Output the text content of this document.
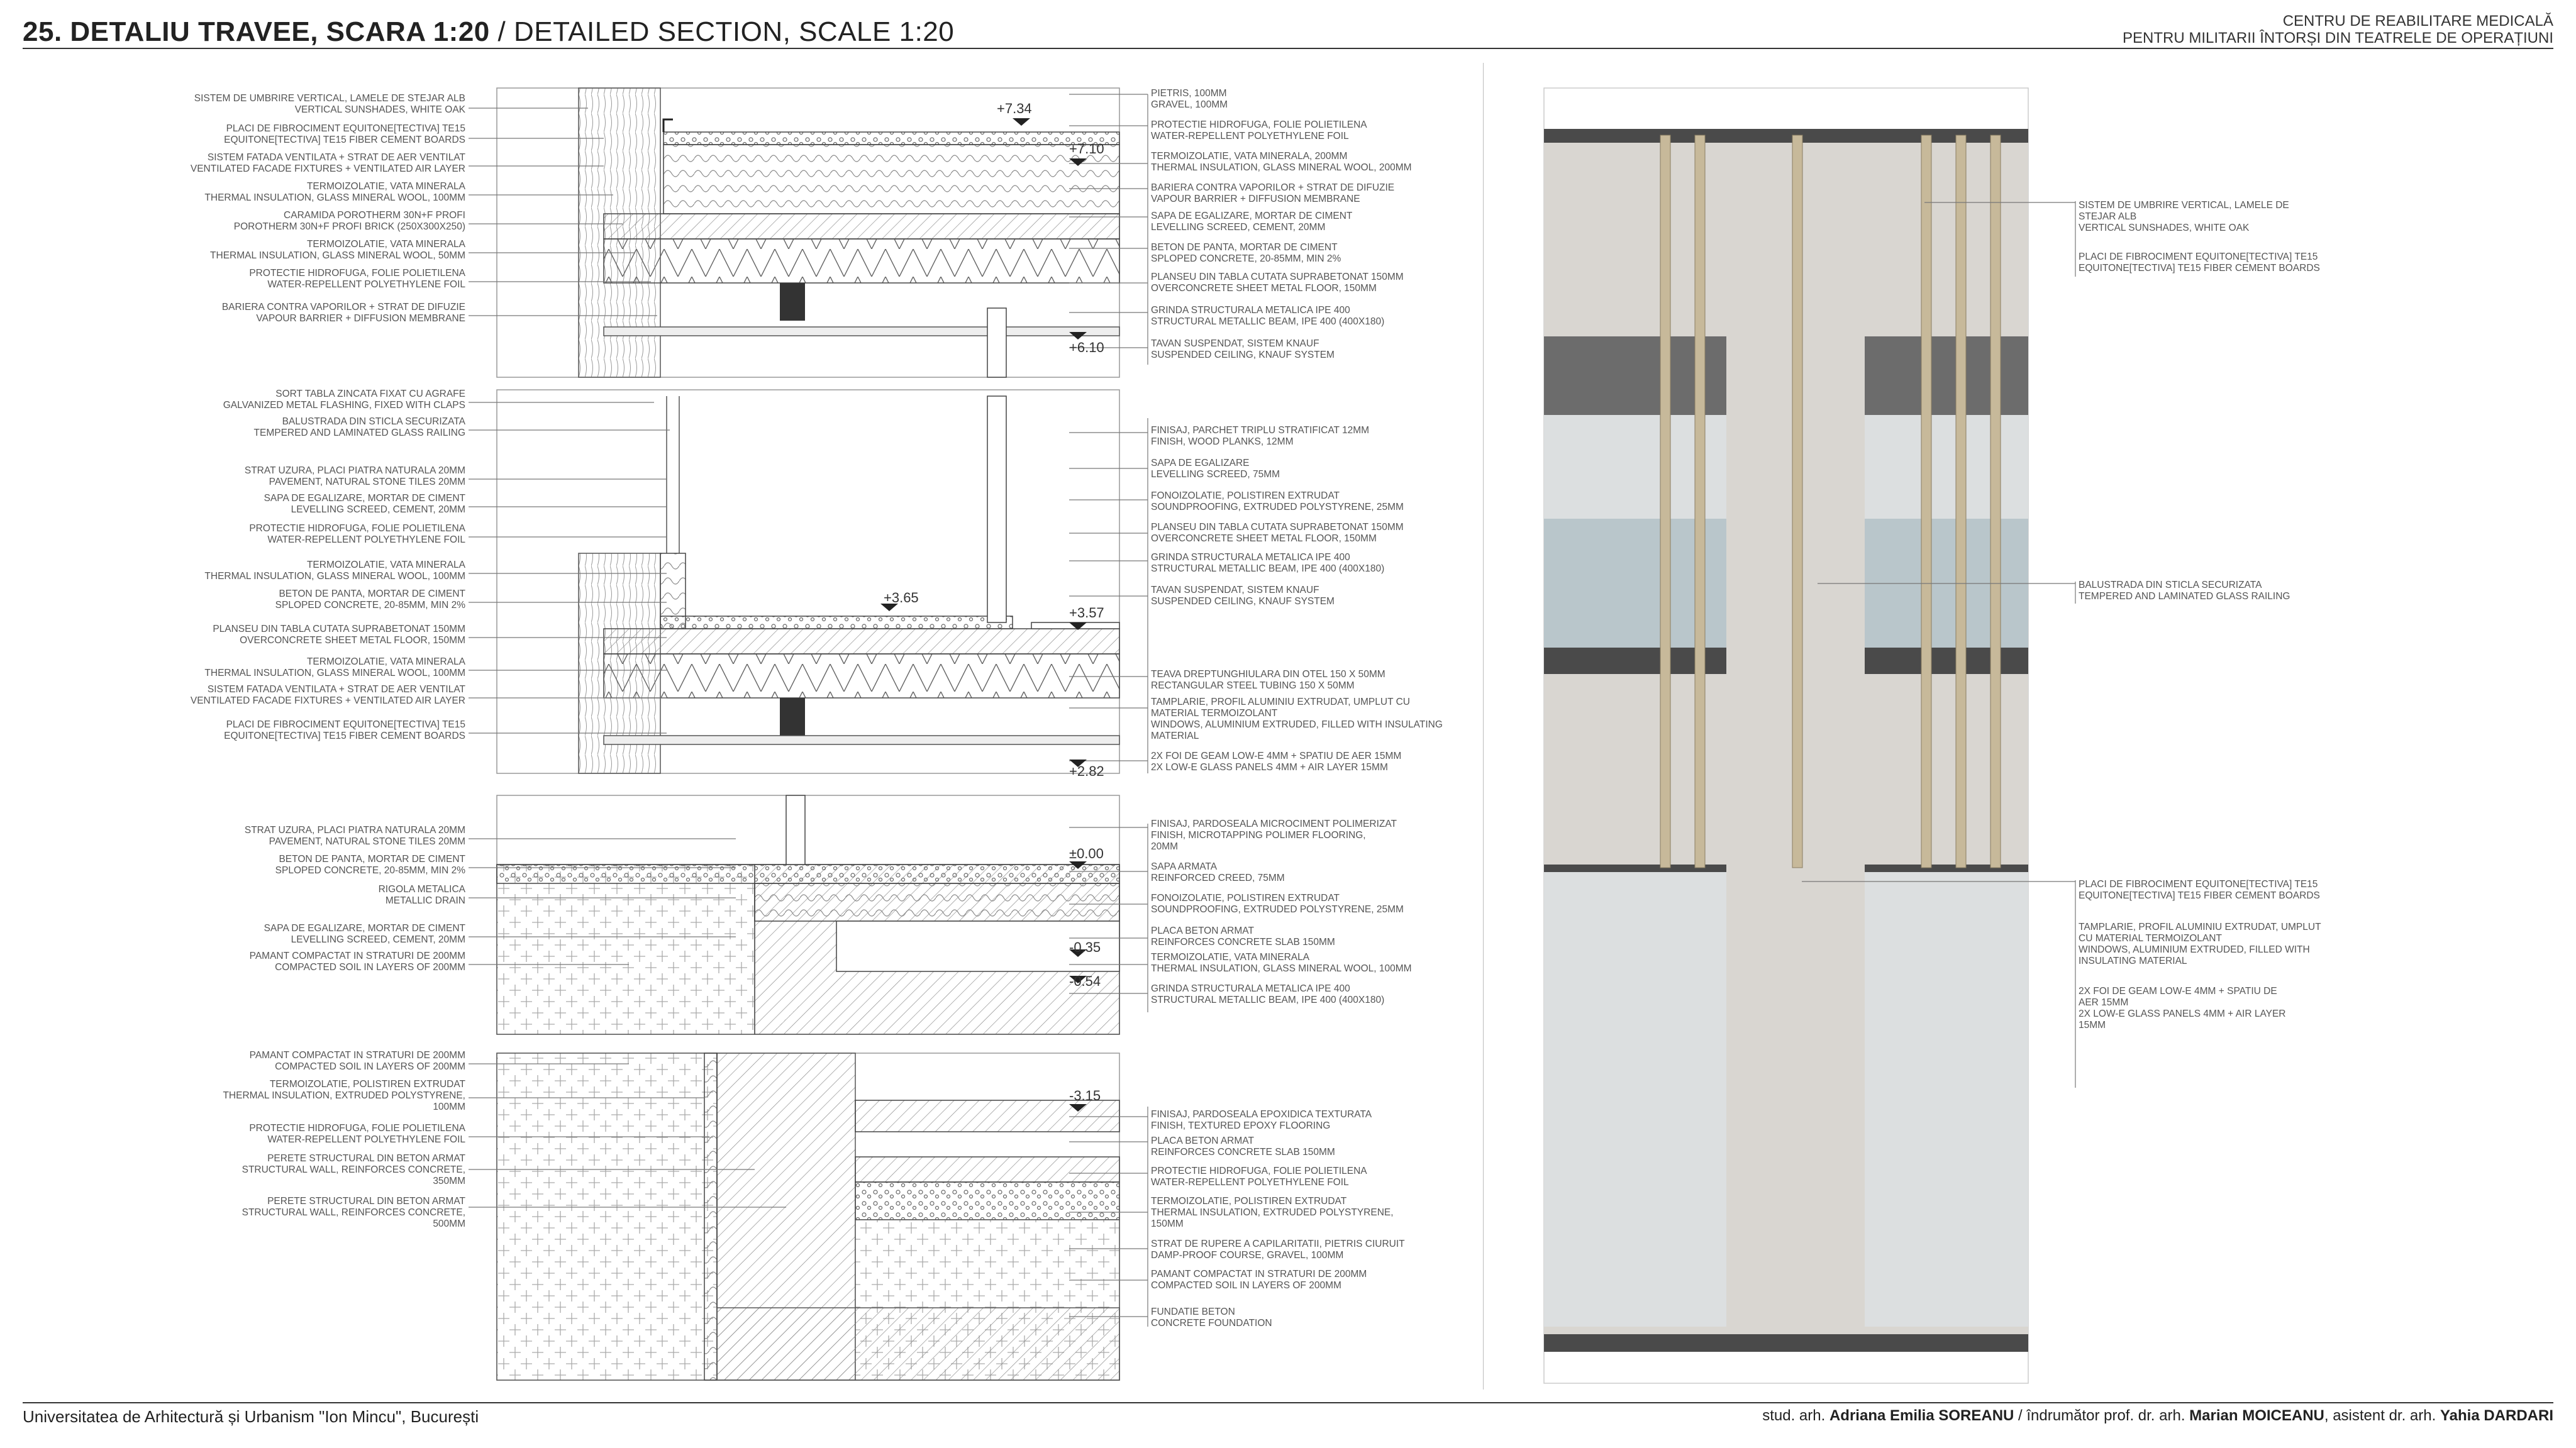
25. DETALIU TRAVEE, SCARA 1:20 / DETAILED SECTION, SCALE 1:20	CENTRU DE REABILITARE MEDICALĂ
PENTRU MILITARII ÎNTORȘI DIN TEATRELE DE OPERAȚIUNI
+7.34
+7.10
+6.10
+3.65
+3.57
+2.82
±0.00
-0.35
-0.54
-3.15
SISTEM DE UMBRIRE VERTICAL, LAMELE DE STEJAR ALB
VERTICAL SUNSHADES, WHITE OAK
PLACI DE FIBROCIMENT EQUITONE[TECTIVA] TE15
EQUITONE[TECTIVA] TE15 FIBER CEMENT BOARDS
SISTEM FATADA VENTILATA + STRAT DE AER VENTILAT
VENTILATED FACADE FIXTURES + VENTILATED AIR LAYER
TERMOIZOLATIE, VATA MINERALA
THERMAL INSULATION, GLASS MINERAL WOOL, 100MM
CARAMIDA POROTHERM 30N+F PROFI
POROTHERM 30N+F PROFI BRICK (250X300X250)
TERMOIZOLATIE, VATA MINERALA
THERMAL INSULATION, GLASS MINERAL WOOL, 50MM
PROTECTIE HIDROFUGA, FOLIE POLIETILENA
WATER-REPELLENT POLYETHYLENE FOIL
BARIERA CONTRA VAPORILOR + STRAT DE DIFUZIE
VAPOUR BARRIER + DIFFUSION MEMBRANE
SORT TABLA ZINCATA FIXAT CU AGRAFE
GALVANIZED METAL FLASHING, FIXED WITH CLAPS
BALUSTRADA DIN STICLA SECURIZATA
TEMPERED AND LAMINATED GLASS RAILING
STRAT UZURA, PLACI PIATRA NATURALA 20MM
PAVEMENT, NATURAL STONE TILES 20MM
SAPA DE EGALIZARE, MORTAR DE CIMENT
LEVELLING SCREED, CEMENT, 20MM
PROTECTIE HIDROFUGA, FOLIE POLIETILENA
WATER-REPELLENT POLYETHYLENE FOIL
TERMOIZOLATIE, VATA MINERALA
THERMAL INSULATION, GLASS MINERAL WOOL, 100MM
BETON DE PANTA, MORTAR DE CIMENT
SPLOPED CONCRETE, 20-85MM, MIN 2%
PLANSEU DIN TABLA CUTATA SUPRABETONAT 150MM
OVERCONCRETE SHEET METAL FLOOR, 150MM
TERMOIZOLATIE, VATA MINERALA
THERMAL INSULATION, GLASS MINERAL WOOL, 100MM
SISTEM FATADA VENTILATA + STRAT DE AER VENTILAT
VENTILATED FACADE FIXTURES + VENTILATED AIR LAYER
PLACI DE FIBROCIMENT EQUITONE[TECTIVA] TE15
EQUITONE[TECTIVA] TE15 FIBER CEMENT BOARDS
STRAT UZURA, PLACI PIATRA NATURALA 20MM
PAVEMENT, NATURAL STONE TILES 20MM
BETON DE PANTA, MORTAR DE CIMENT
SPLOPED CONCRETE, 20-85MM, MIN 2%
RIGOLA METALICA
METALLIC DRAIN
SAPA DE EGALIZARE, MORTAR DE CIMENT
LEVELLING SCREED, CEMENT, 20MM
PAMANT COMPACTAT IN STRATURI DE 200MM
COMPACTED SOIL IN LAYERS OF 200MM
PAMANT COMPACTAT IN STRATURI DE 200MM
COMPACTED SOIL IN LAYERS OF 200MM
TERMOIZOLATIE, POLISTIREN EXTRUDAT
THERMAL INSULATION, EXTRUDED POLYSTYRENE,
100MM
PROTECTIE HIDROFUGA, FOLIE POLIETILENA
WATER-REPELLENT POLYETHYLENE FOIL
PERETE STRUCTURAL DIN BETON ARMAT
STRUCTURAL WALL, REINFORCES CONCRETE,
350MM
PERETE STRUCTURAL DIN BETON ARMAT
STRUCTURAL WALL, REINFORCES CONCRETE,
500MM
PIETRIS, 100MM
GRAVEL, 100MM
PROTECTIE HIDROFUGA, FOLIE POLIETILENA
WATER-REPELLENT POLYETHYLENE FOIL
TERMOIZOLATIE, VATA MINERALA, 200MM
THERMAL INSULATION, GLASS MINERAL WOOL, 200MM
BARIERA CONTRA VAPORILOR + STRAT DE DIFUZIE
VAPOUR BARRIER + DIFFUSION MEMBRANE
SAPA DE EGALIZARE, MORTAR DE CIMENT
LEVELLING SCREED, CEMENT, 20MM
BETON DE PANTA, MORTAR DE CIMENT
SPLOPED CONCRETE, 20-85MM, MIN 2%
PLANSEU DIN TABLA CUTATA SUPRABETONAT 150MM
OVERCONCRETE SHEET METAL FLOOR, 150MM
GRINDA STRUCTURALA METALICA IPE 400
STRUCTURAL METALLIC BEAM, IPE 400 (400X180)
TAVAN SUSPENDAT, SISTEM KNAUF
SUSPENDED CEILING, KNAUF SYSTEM
FINISAJ, PARCHET TRIPLU STRATIFICAT 12MM
FINISH, WOOD PLANKS, 12MM
SAPA DE EGALIZARE
LEVELLING SCREED, 75MM
FONOIZOLATIE, POLISTIREN EXTRUDAT
SOUNDPROOFING, EXTRUDED POLYSTYRENE, 25MM
PLANSEU DIN TABLA CUTATA SUPRABETONAT 150MM
OVERCONCRETE SHEET METAL FLOOR, 150MM
GRINDA STRUCTURALA METALICA IPE 400
STRUCTURAL METALLIC BEAM, IPE 400 (400X180)
TAVAN SUSPENDAT, SISTEM KNAUF
SUSPENDED CEILING, KNAUF SYSTEM
TEAVA DREPTUNGHIULARA DIN OTEL 150 X 50MM
RECTANGULAR STEEL TUBING 150 X 50MM
TAMPLARIE, PROFIL ALUMINIU EXTRUDAT, UMPLUT CU
MATERIAL TERMOIZOLANT
WINDOWS, ALUMINIUM EXTRUDED, FILLED WITH INSULATING
MATERIAL
2X FOI DE GEAM LOW-E 4MM + SPATIU DE AER 15MM
2X LOW-E GLASS PANELS 4MM + AIR LAYER 15MM
FINISAJ, PARDOSEALA MICROCIMENT POLIMERIZAT
FINISH, MICROTAPPING POLIMER FLOORING,
20MM
SAPA ARMATA
REINFORCED CREED, 75MM
FONOIZOLATIE, POLISTIREN EXTRUDAT
SOUNDPROOFING, EXTRUDED POLYSTYRENE, 25MM
PLACA BETON ARMAT
REINFORCES CONCRETE SLAB 150MM
TERMOIZOLATIE, VATA MINERALA
THERMAL INSULATION, GLASS MINERAL WOOL, 100MM
GRINDA STRUCTURALA METALICA IPE 400
STRUCTURAL METALLIC BEAM, IPE 400 (400X180)
FINISAJ, PARDOSEALA EPOXIDICA TEXTURATA
FINISH, TEXTURED EPOXY FLOORING
PLACA BETON ARMAT
REINFORCES CONCRETE SLAB 150MM
PROTECTIE HIDROFUGA, FOLIE POLIETILENA
WATER-REPELLENT POLYETHYLENE FOIL
TERMOIZOLATIE, POLISTIREN EXTRUDAT
THERMAL INSULATION, EXTRUDED POLYSTYRENE,
150MM
STRAT DE RUPERE A CAPILARITATII, PIETRIS CIURUIT
DAMP-PROOF COURSE, GRAVEL, 100MM
PAMANT COMPACTAT IN STRATURI DE 200MM
COMPACTED SOIL IN LAYERS OF 200MM
FUNDATIE BETON
CONCRETE FOUNDATION
SISTEM DE UMBRIRE VERTICAL, LAMELE DE
STEJAR ALB
VERTICAL SUNSHADES, WHITE OAK
PLACI DE FIBROCIMENT EQUITONE[TECTIVA] TE15
EQUITONE[TECTIVA] TE15 FIBER CEMENT BOARDS
BALUSTRADA DIN STICLA SECURIZATA
TEMPERED AND LAMINATED GLASS RAILING
PLACI DE FIBROCIMENT EQUITONE[TECTIVA] TE15
EQUITONE[TECTIVA] TE15 FIBER CEMENT BOARDS
TAMPLARIE, PROFIL ALUMINIU EXTRUDAT, UMPLUT
CU MATERIAL TERMOIZOLANT
WINDOWS, ALUMINIUM EXTRUDED, FILLED WITH
INSULATING MATERIAL
2X FOI DE GEAM LOW-E 4MM + SPATIU DE
AER 15MM
2X LOW-E GLASS PANELS 4MM + AIR LAYER
15MM
Universitatea de Arhitectură și Urbanism "Ion Mincu", București	stud. arh. Adriana Emilia SOREANU / îndrumător prof. dr. arh. Marian MOICEANU, asistent dr. arh. Yahia DARDARI
